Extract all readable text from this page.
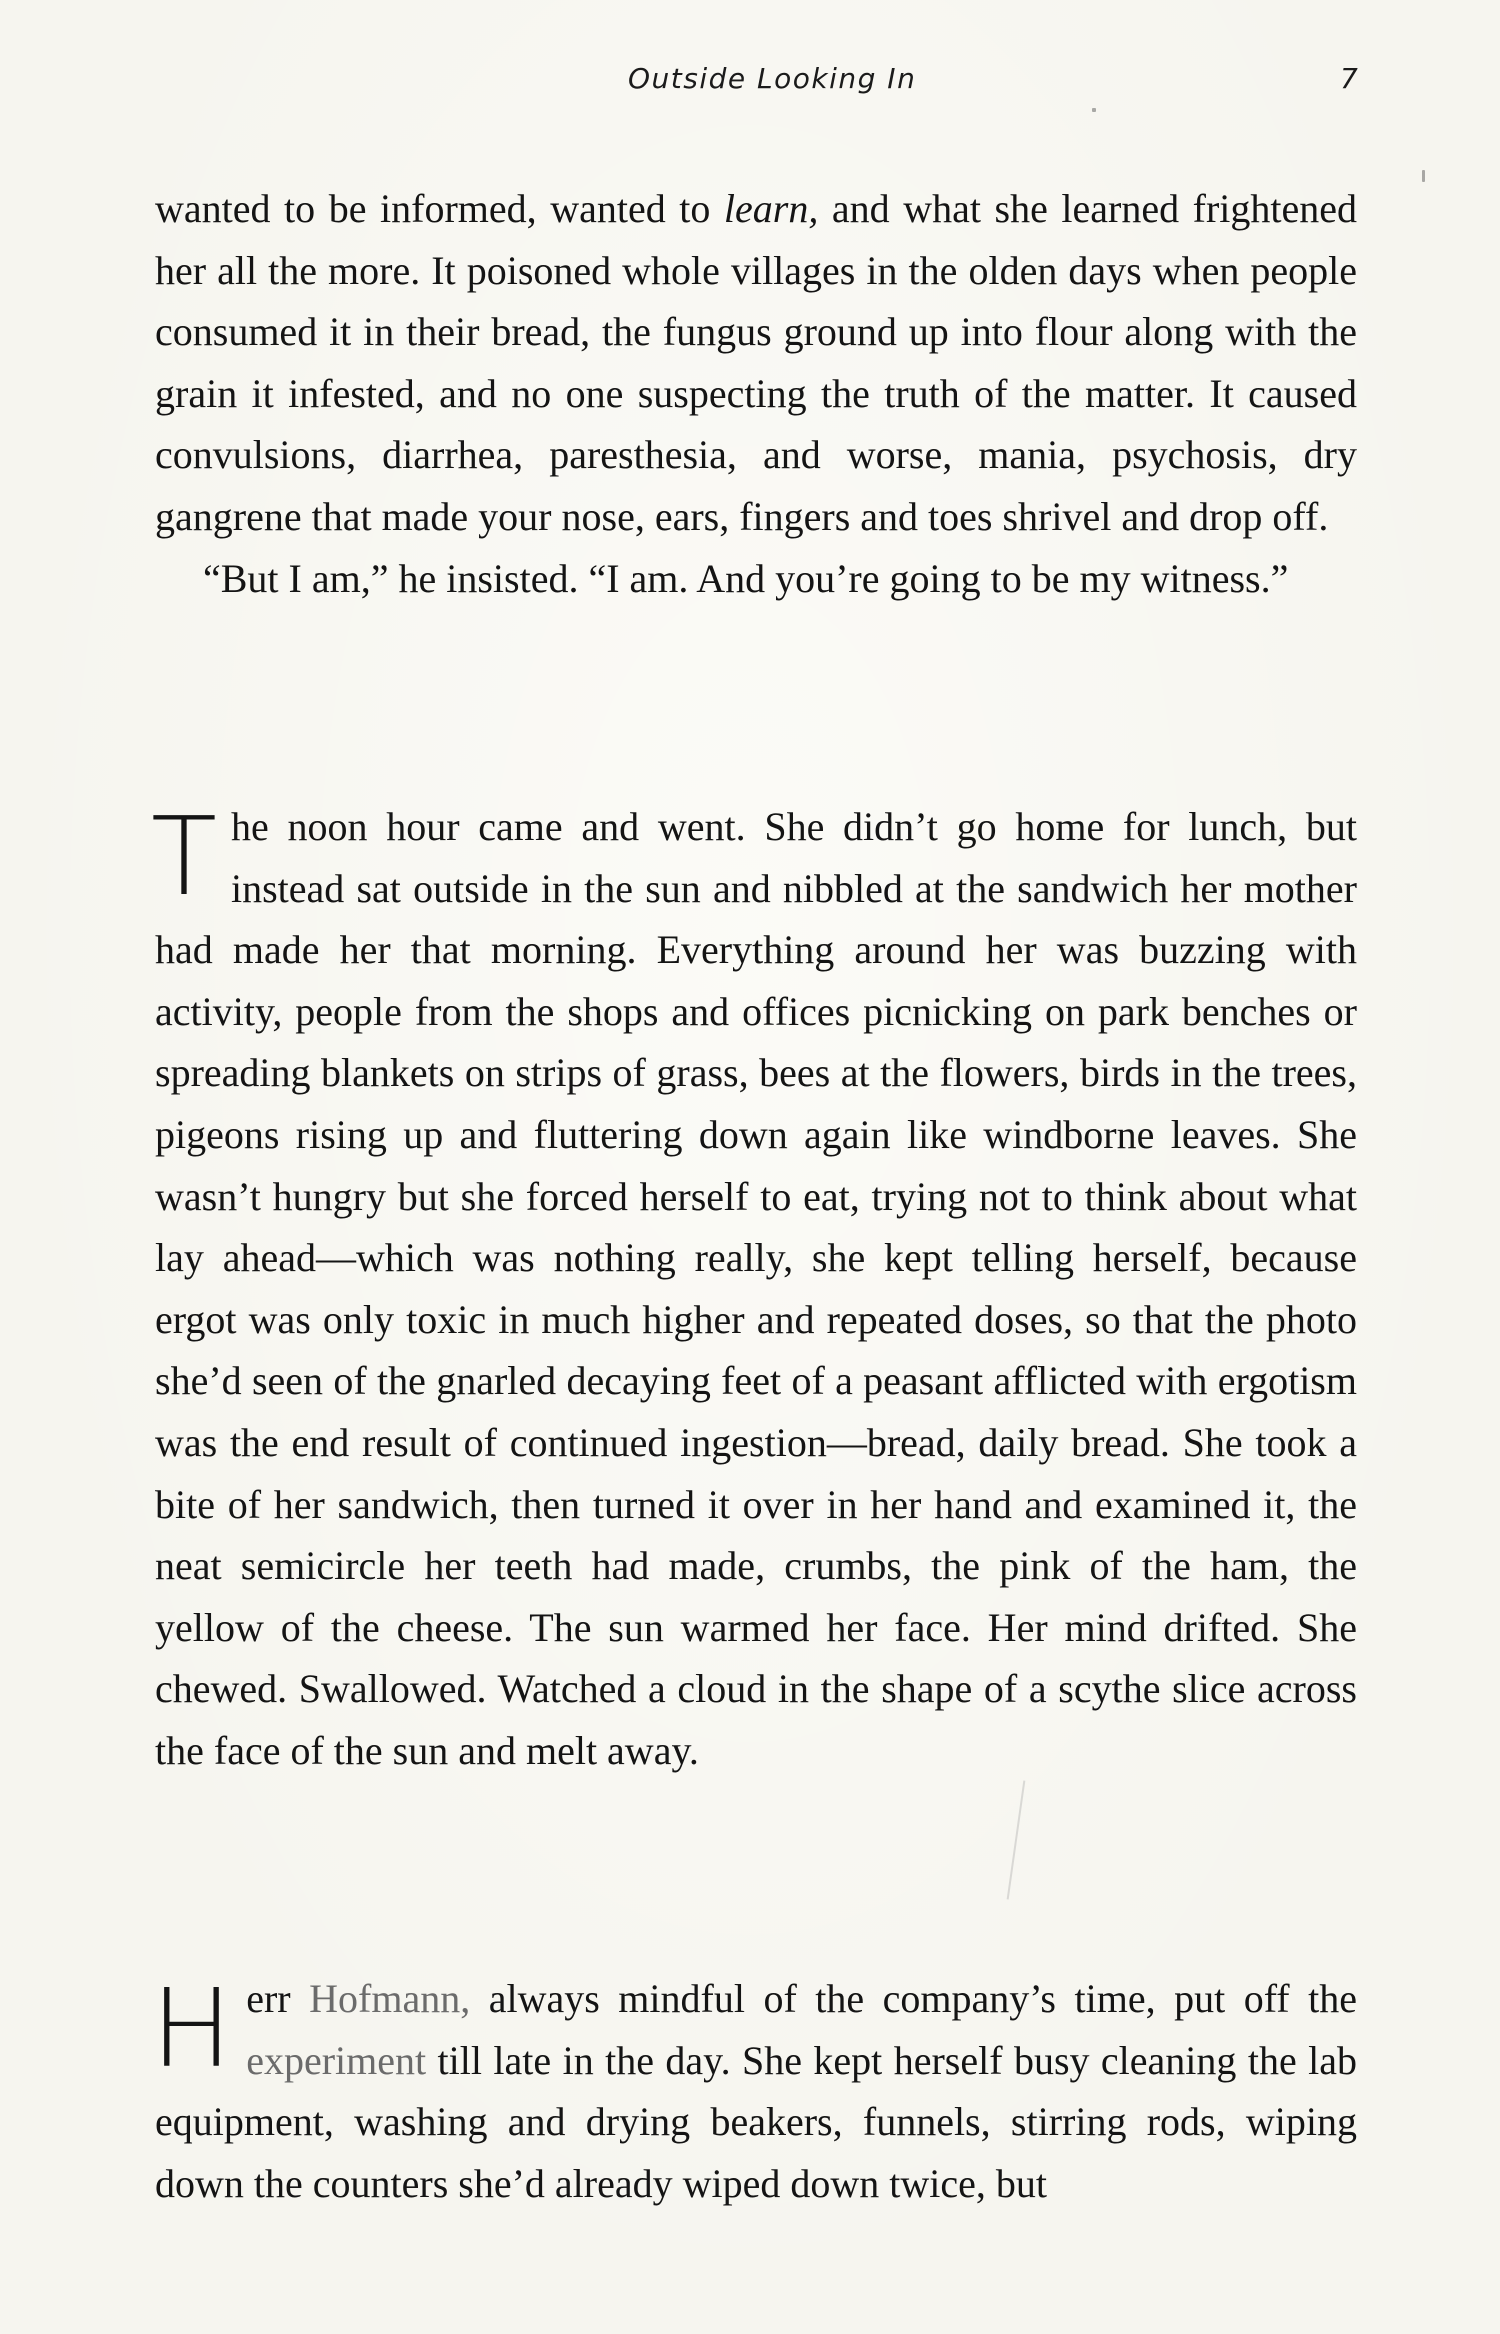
Outside Looking In	7

wanted to be informed, wanted to learn, and what she learned frightened her all the more. It poisoned whole villages in the olden days when people consumed it in their bread, the fungus ground up into flour along with the grain it infested, and no one suspecting the truth of the matter. It caused convulsions, diarrhea, paresthesia, and worse, mania, psychosis, dry gangrene that made your nose, ears, fingers and toes shrivel and drop off.

“But I am,” he insisted. “I am. And you’re going to be my witness.”

The noon hour came and went. She didn’t go home for lunch, but instead sat outside in the sun and nibbled at the sandwich her mother had made her that morning. Everything around her was buzzing with activity, people from the shops and offices picnicking on park benches or spreading blankets on strips of grass, bees at the flowers, birds in the trees, pigeons rising up and fluttering down again like windborne leaves. She wasn’t hungry but she forced herself to eat, trying not to think about what lay ahead—which was nothing really, she kept telling herself, because ergot was only toxic in much higher and repeated doses, so that the photo she’d seen of the gnarled decaying feet of a peasant afflicted with ergotism was the end result of continued ingestion—bread, daily bread. She took a bite of her sandwich, then turned it over in her hand and examined it, the neat semicircle her teeth had made, crumbs, the pink of the ham, the yellow of the cheese. The sun warmed her face. Her mind drifted. She chewed. Swallowed. Watched a cloud in the shape of a scythe slice across the face of the sun and melt away.

Herr Hofmann, always mindful of the company’s time, put off the experiment till late in the day. She kept herself busy cleaning the lab equipment, washing and drying beakers, funnels, stirring rods, wiping down the counters she’d already wiped down twice, but
